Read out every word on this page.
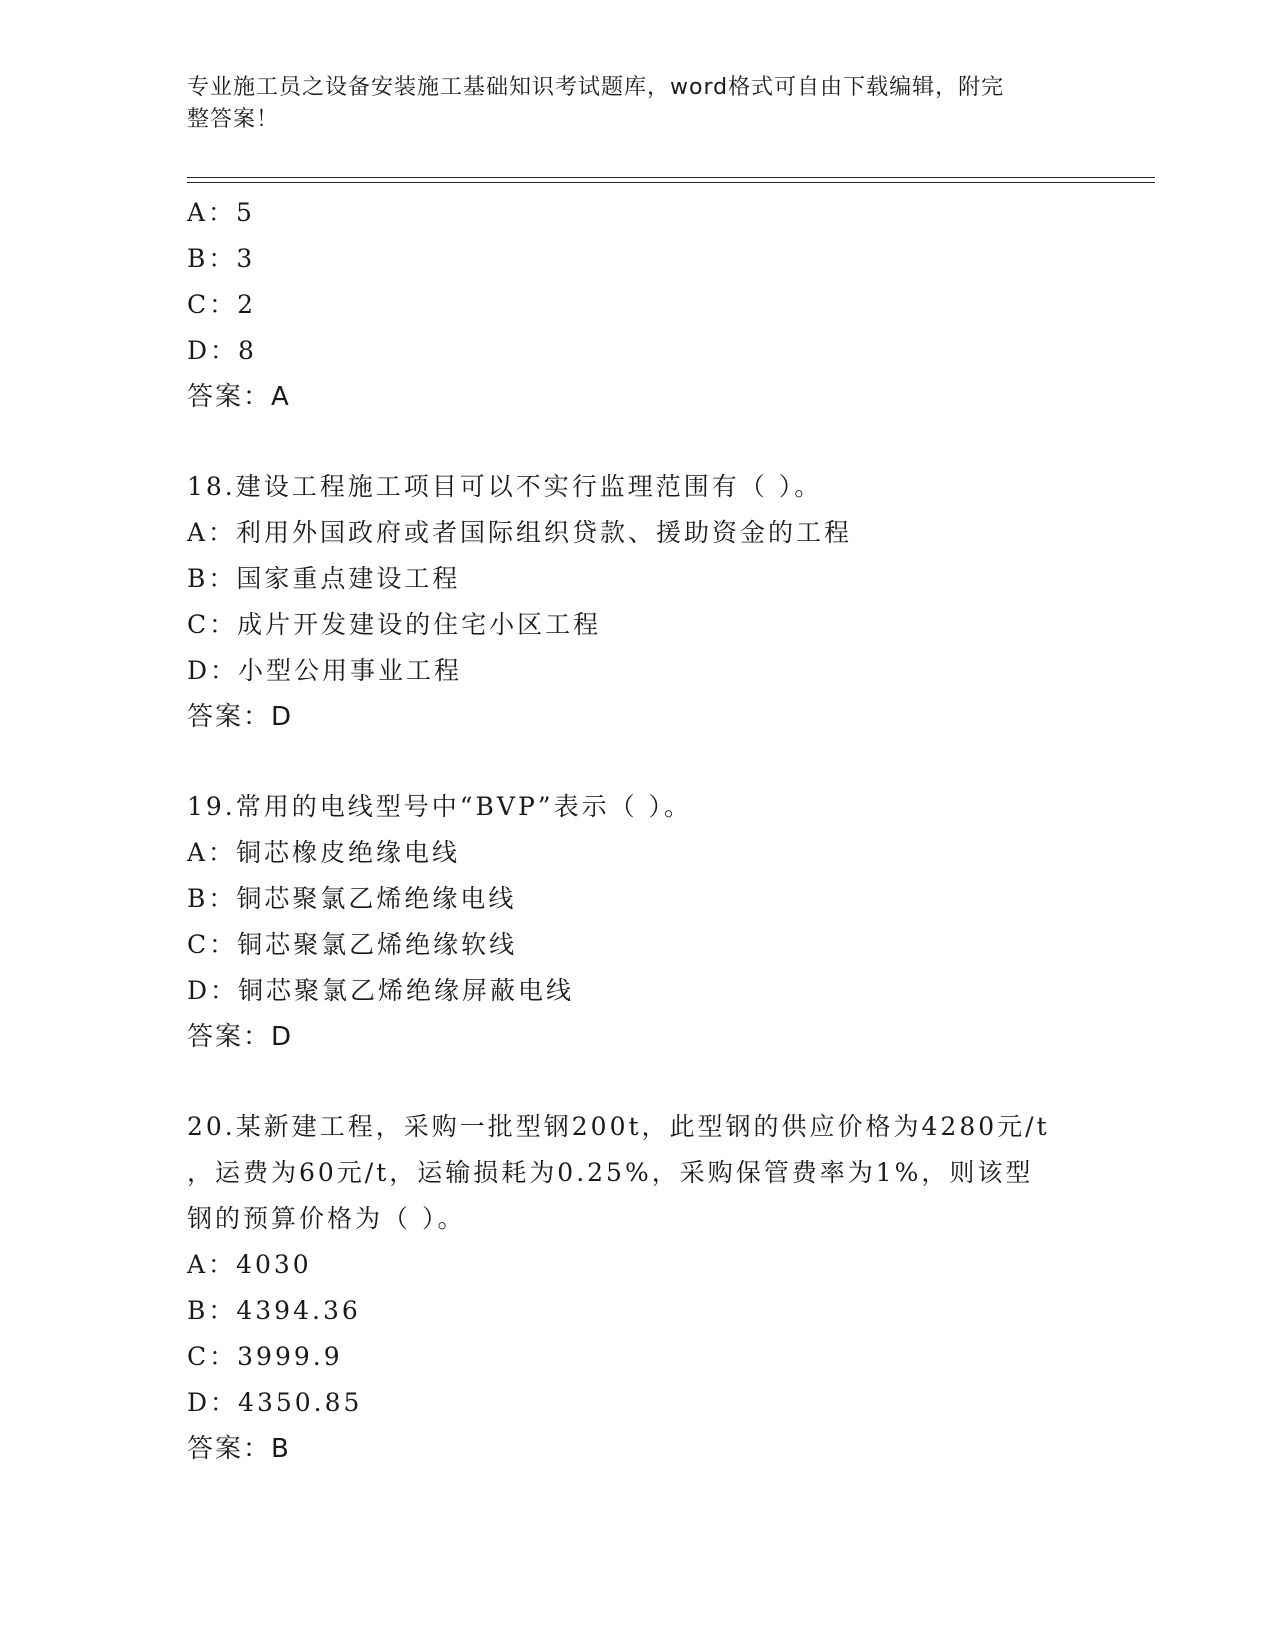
专业施工员之设备安装施工基础知识考试题库，word格式可自由下载编辑，附完
整答案！
A：5
B：3
C：2
D：8
答案：A
18.建设工程施工项目可以不实行监理范围有（ ）。
A：利用外国政府或者国际组织贷款、援助资金的工程
B：国家重点建设工程
C：成片开发建设的住宅小区工程
D：小型公用事业工程
答案：D
19.常用的电线型号中“BVP”表示（ ）。
A：铜芯橡皮绝缘电线
B：铜芯聚氯乙烯绝缘电线
C：铜芯聚氯乙烯绝缘软线
D：铜芯聚氯乙烯绝缘屏蔽电线
答案：D
20.某新建工程，采购一批型钢200t，此型钢的供应价格为4280元/t
，运费为60元/t，运输损耗为0.25%，采购保管费率为1%，则该型
钢的预算价格为（ ）。
A：4030
B：4394.36
C：3999.9
D：4350.85
答案：B
